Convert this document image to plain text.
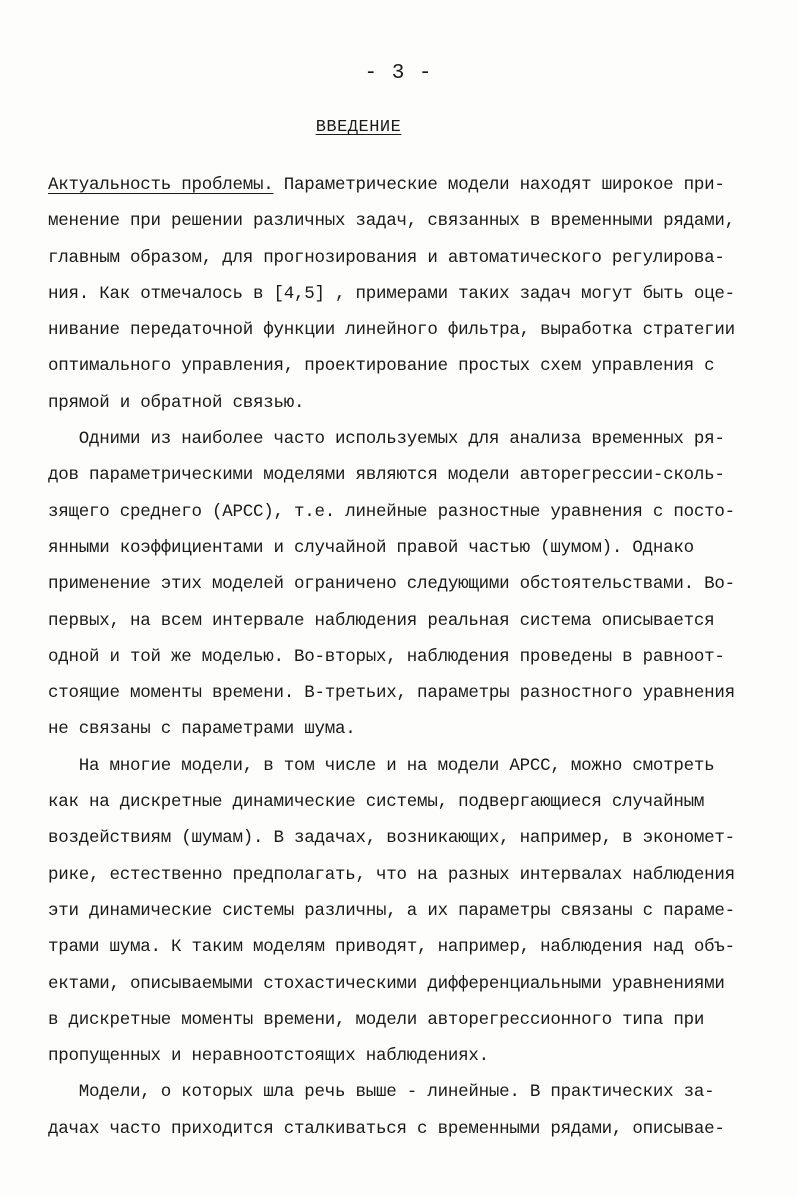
- 3 -
ВВЕДЕНИЕ
Актуальность проблемы. Параметрические модели находят широкое при-
менение при решении различных задач, связанных в временными рядами,
главным образом, для прогнозирования и автоматического регулирова-
ния. Как отмечалось в [4,5] , примерами таких задач могут быть оце-
нивание передаточной функции линейного фильтра, выработка стратегии
оптимального управления, проектирование простых схем управления с
прямой и обратной связью.
Одними из наиболее часто используемых для анализа временных ря-
дов параметрическими моделями являются модели авторегрессии-сколь-
зящего среднего (АРСС), т.е. линейные разностные уравнения с посто-
янными коэффициентами и случайной правой частью (шумом). Однако
применение этих моделей ограничено следующими обстоятельствами. Во-
первых, на всем интервале наблюдения реальная система описывается
одной и той же моделью. Во-вторых, наблюдения проведены в равноот-
стоящие моменты времени. В-третьих, параметры разностного уравнения
не связаны с параметрами шума.
На многие модели, в том числе и на модели АРСС, можно смотреть
как на дискретные динамические системы, подвергающиеся случайным
воздействиям (шумам). В задачах, возникающих, например, в экономет-
рике, естественно предполагать, что на разных интервалах наблюдения
эти динамические системы различны, а их параметры связаны с параме-
трами шума. К таким моделям приводят, например, наблюдения над объ-
ектами, описываемыми стохастическими дифференциальными уравнениями
в дискретные моменты времени, модели авторегрессионного типа при
пропущенных и неравноотстоящих наблюдениях.
Модели, о которых шла речь выше - линейные. В практических за-
дачах часто приходится сталкиваться с временными рядами, описывае-
